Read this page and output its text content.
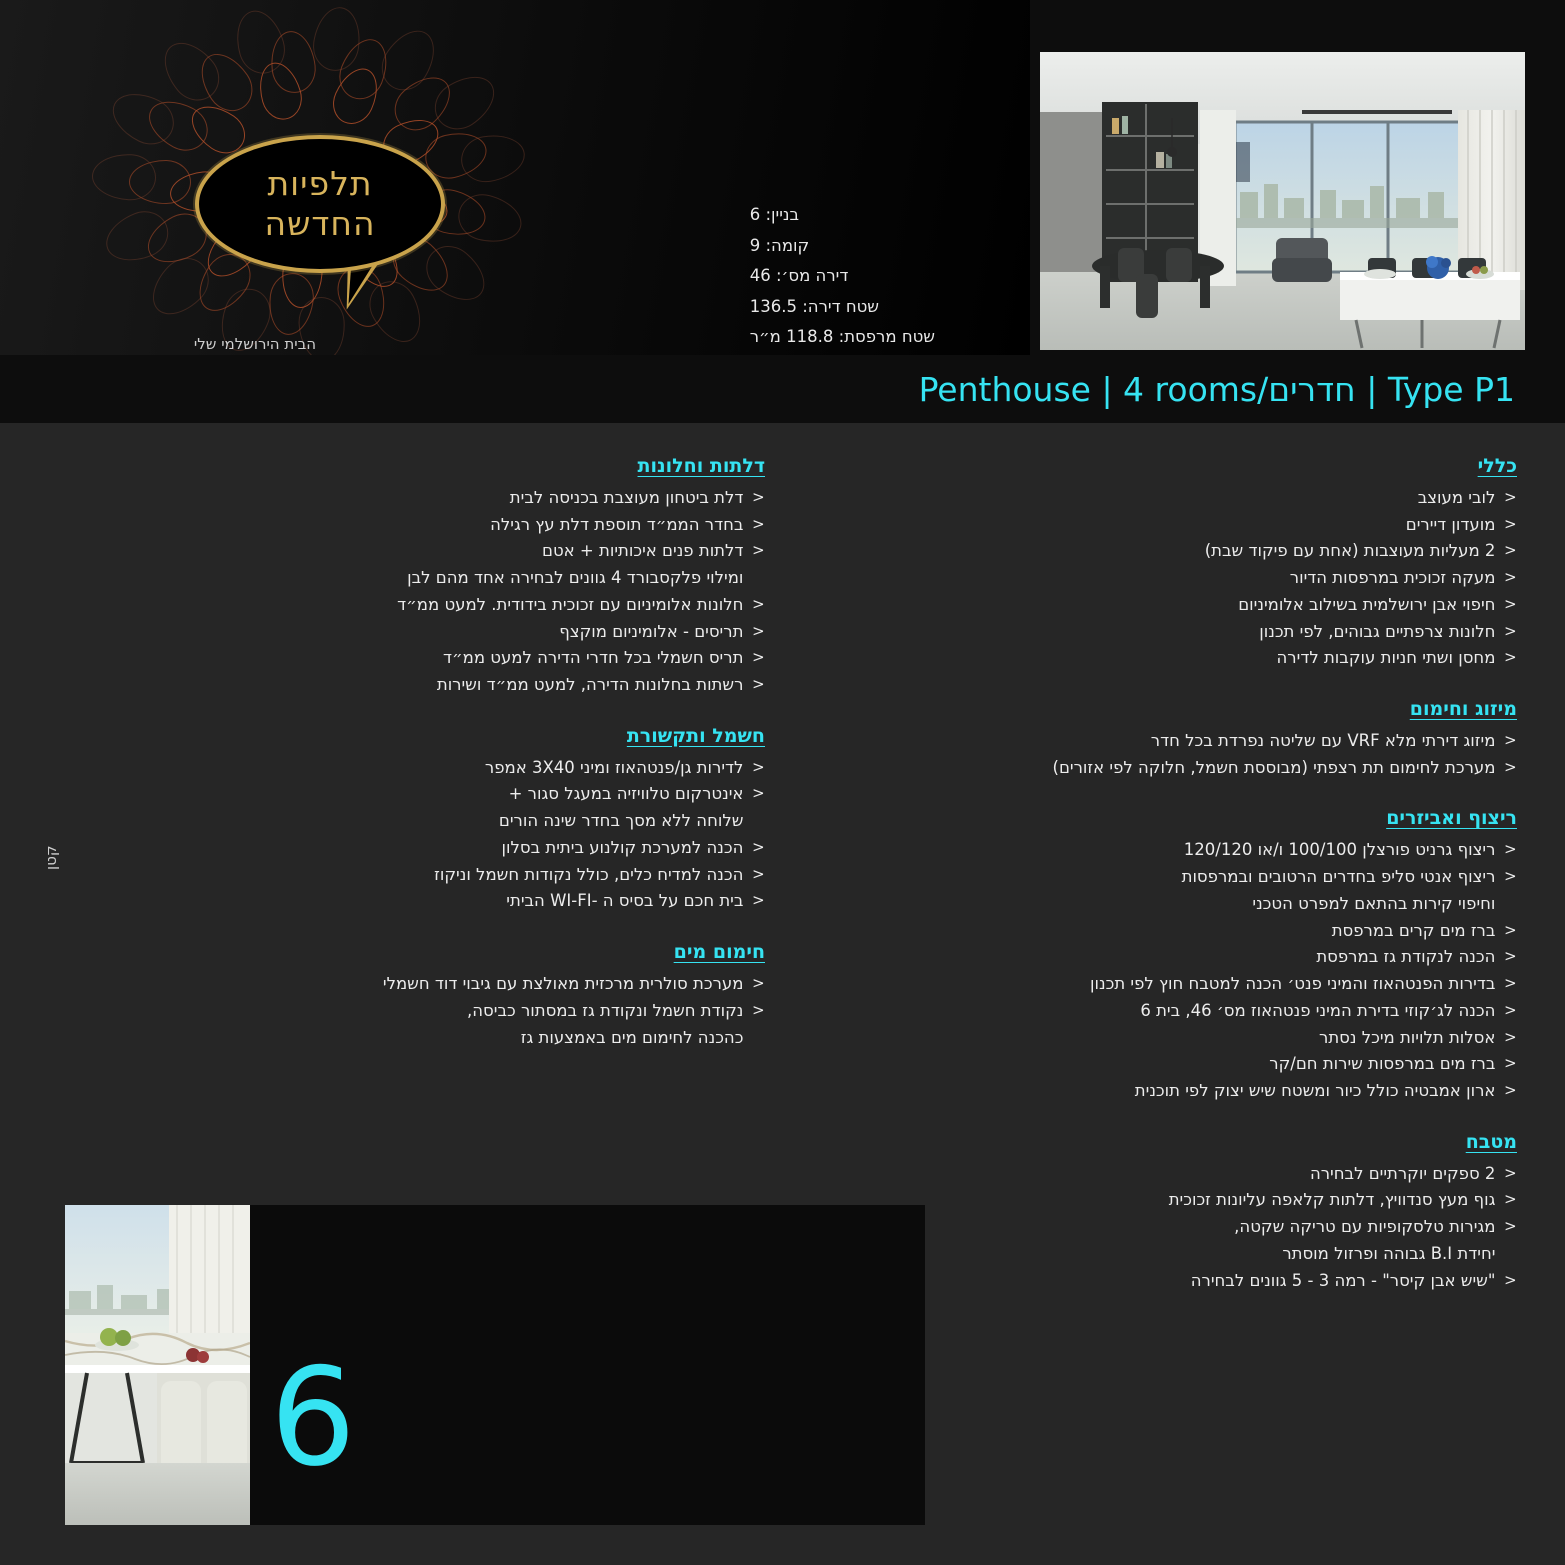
תלפיות
החדשה
הבית הירושלמי שלי
בניין: 6
קומה: 9
דירה מס׳: 46
שטח דירה: 136.5
שטח מרפסת: 118.8 מ״ר
Penthouse | 4 rooms/חדרים | Type P1
כללי
>
לובי מעוצב
>
מועדון דיירים
>
2 מעליות מעוצבות (אחת עם פיקוד שבת)
>
מעקה זכוכית במרפסות הדיור
>
חיפוי אבן ירושלמית בשילוב אלומיניום
>
חלונות צרפתיים גבוהים, לפי תכנון
>
מחסן ושתי חניות עוקבות לדירה
מיזוג וחימום
>
מיזוג דירתי מלא VRF עם שליטה נפרדת בכל חדר
>
מערכת לחימום תת רצפתי (מבוססת חשמל, חלוקה לפי אזורים)
ריצוף ואביזרים
>
ריצוף גרניט פורצלן 100/100 ו/או 120/120
>
ריצוף אנטי סליפ בחדרים הרטובים ובמרפסות
וחיפוי קירות בהתאם למפרט הטכני
>
ברז מים קרים במרפסת
>
הכנה לנקודת גז במרפסת
>
בדירות הפנטהאוז והמיני פנט׳ הכנה למטבח חוץ לפי תכנון
>
הכנה לג׳קוזי בדירת המיני פנטהאוז מס׳ 46, בית 6
>
אסלות תלויות מיכל נסתר
>
ברז מים במרפסות שירות חם/קר
>
ארון אמבטיה כולל כיור ומשטח שיש יצוק לפי תוכנית
מטבח
>
2 ספקים יוקרתיים לבחירה
>
גוף מעץ סנדוויץ, דלתות קלאפה עליונות זכוכית
>
מגירות טלסקופיות עם טריקה שקטה,
יחידת B.I גבוהה ופרזול מוסתר
>
"שיש אבן קיסר" - רמה 3 - 5 גוונים לבחירה
דלתות וחלונות
>
דלת ביטחון מעוצבת בכניסה לבית
>
בחדר הממ״ד תוספת דלת עץ רגילה
>
דלתות פנים איכותיות + אטם
ומילוי פלקסבורד 4 גוונים לבחירה אחד מהם לבן
>
חלונות אלומיניום עם זכוכית בידודית. למעט ממ״ד
>
תריסים - אלומיניום מוקצף
>
תריס חשמלי בכל חדרי הדירה למעט ממ״ד
>
רשתות בחלונות הדירה, למעט ממ״ד ושירות
חשמל ותקשורת
>
לדירות גן/פנטהאוז ומיני 3X40 אמפר
>
אינטרקום טלוויזיה במעגל סגור +
שלוחה ללא מסך בחדר שינה הורים
>
הכנה למערכת קולנוע ביתית בסלון
>
הכנה למדיח כלים, כולל נקודות חשמל וניקוז
>
בית חכם על בסיס ה -WI-FI הביתי
חימום מים
>
מערכת סולרית מרכזית מאולצת עם גיבוי דוד חשמלי
>
נקודת חשמל ונקודת גז במסתור כביסה,
כהכנה לחימום מים באמצעות גז
קטן
6
